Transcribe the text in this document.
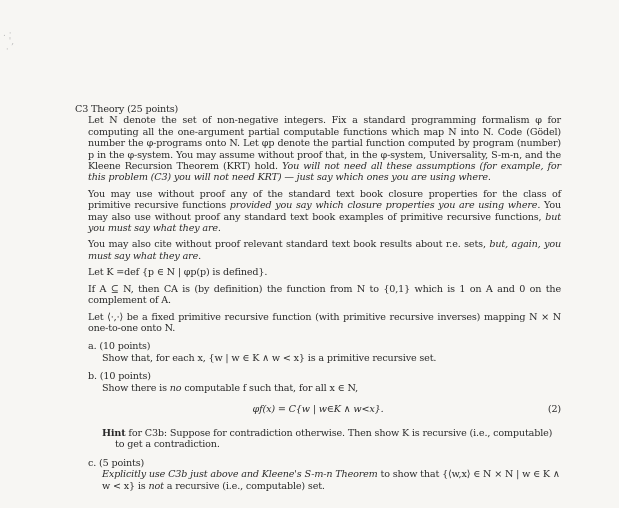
. ·
',
·
C3 Theory (25 points)
Let N denote the set of non-negative integers. Fix a standard programming formalism φ for computing all the one-argument partial computable functions which map N into N. Code (Gödel) number the φ-programs onto N. Let φp denote the partial function computed by program (number) p in the φ-system. You may assume without proof that, in the φ-system, Universality, S-m-n, and the Kleene Recursion Theorem (KRT) hold. You will not need all these assumptions (for example, for this problem (C3) you will not need KRT) — just say which ones you are using where.
You may use without proof any of the standard text book closure properties for the class of primitive recursive functions provided you say which closure properties you are using where. You may also use without proof any standard text book examples of primitive recursive functions, but you must say what they are.
You may also cite without proof relevant standard text book results about r.e. sets, but, again, you must say what they are.
Let K =def {p ∈ N | φp(p) is defined}.
If A ⊆ N, then CA is (by definition) the function from N to {0,1} which is 1 on A and 0 on the complement of A.
Let ⟨·,·⟩ be a fixed primitive recursive function (with primitive recursive inverses) mapping N × N one-to-one onto N.
a. (10 points)
Show that, for each x, {w | w ∈ K ∧ w < x} is a primitive recursive set.
b. (10 points)
Show there is no computable f such that, for all x ∈ N,
φf(x) = C{w | w∈K ∧ w<x}.	(2)
Hint for C3b: Suppose for contradiction otherwise. Then show K is recursive (i.e., computable)
to get a contradiction.
c. (5 points)
Explicitly use C3b just above and Kleene's S-m-n Theorem to show that {⟨w,x⟩ ∈ N × N | w ∈ K ∧ w < x} is not a recursive (i.e., computable) set.
